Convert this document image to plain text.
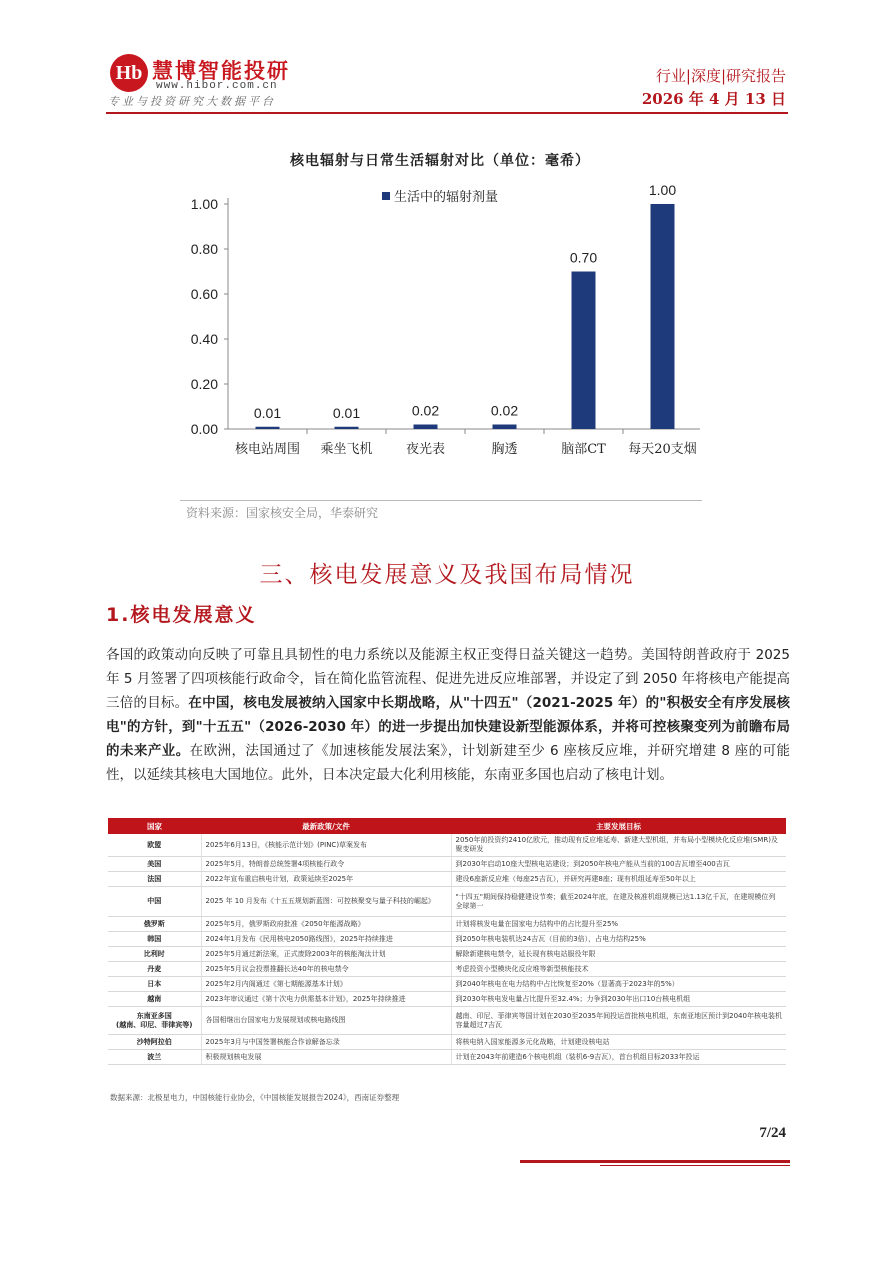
Hb 慧博智能投研
www.hibor.com.cn
专业与投资研究大数据平台
行业|深度|研究报告
2026 年 4 月 13 日
核电辐射与日常生活辐射对比（单位：毫希）
0.00
0.20
0.40
0.60
0.80
1.00
0.01
核电站周围
0.01
乘坐飞机
0.02
夜光表
0.02
胸透
0.70
脑部CT
1.00
每天20支烟
生活中的辐射剂量
资料来源：国家核安全局，华泰研究
三、核电发展意义及我国布局情况
1.核电发展意义
各国的政策动向反映了可靠且具韧性的电力系统以及能源主权正变得日益关键这一趋势。美国特朗普政府于 2025 年 5 月签署了四项核能行政命令，旨在简化监管流程、促进先进反应堆部署，并设定了到 2050 年将核电产能提高三倍的目标。在中国，核电发展被纳入国家中长期战略，从"十四五"（2021-2025 年）的"积极安全有序发展核电"的方针，到"十五五"（2026-2030 年）的进一步提出加快建设新型能源体系，并将可控核聚变列为前瞻布局的未来产业。在欧洲，法国通过了《加速核能发展法案》，计划新建至少 6 座核反应堆，并研究增建 8 座的可能性，以延续其核电大国地位。此外，日本决定最大化利用核能，东南亚多国也启动了核电计划。
国家	最新政策/文件	主要发展目标
欧盟	2025年6月13日，《核能示范计划》(PINC)草案发布	2050年前投资约2410亿欧元，推动现有反应堆延寿、新建大型机组，并布局小型模块化反应堆(SMR)及聚变研发
美国	2025年5月，特朗普总统签署4项核能行政令	到2030年启动10座大型核电站建设；到2050年核电产能从当前的100吉瓦增至400吉瓦
法国	2022年宣布重启核电计划，政策延续至2025年	建设6座新反应堆（每座25吉瓦），并研究再建8座；现有机组延寿至50年以上
中国	2025 年 10 月发布《十五五规划新蓝图：可控核聚变与量子科技的崛起》	"十四五"期间保持稳健建设节奏；截至2024年底，在建及核准机组规模已达1.13亿千瓦，在建规模位列全球第一
俄罗斯	2025年5月，俄罗斯政府批准《2050年能源战略》	计划将核发电量在国家电力结构中的占比提升至25%
韩国	2024年1月发布《民用核电2050路线图》，2025年持续推进	到2050年核电装机达24吉瓦（目前的3倍），占电力结构25%
比利时	2025年5月通过新法案，正式废除2003年的核能淘汰计划	解除新建核电禁令，延长现有核电站服役年限
丹麦	2025年5月议会投票推翻长达40年的核电禁令	考虑投资小型模块化反应堆等新型核能技术
日本	2025年2月内阁通过《第七期能源基本计划》	到2040年核电在电力结构中占比恢复至20%（显著高于2023年的5%）
越南	2023年审议通过《第十次电力供需基本计划》，2025年持续推进	到2030年核电发电量占比提升至32.4%；力争到2030年出口10台核电机组
东南亚多国
(越南、印尼、菲律宾等)	各国相继出台国家电力发展规划或核电路线图	越南、印尼、菲律宾等国计划在2030至2035年间投运首批核电机组，东南亚地区预计到2040年核电装机容量超过7吉瓦
沙特阿拉伯	2025年3月与中国签署核能合作谅解备忘录	将核电纳入国家能源多元化战略，计划建设核电站
波兰	积极规划核电发展	计划在2043年前建造6个核电机组（装机6-9吉瓦），首台机组目标2033年投运
数据来源：北极星电力，中国核能行业协会，《中国核能发展报告2024》，西南证券整理
7/24
